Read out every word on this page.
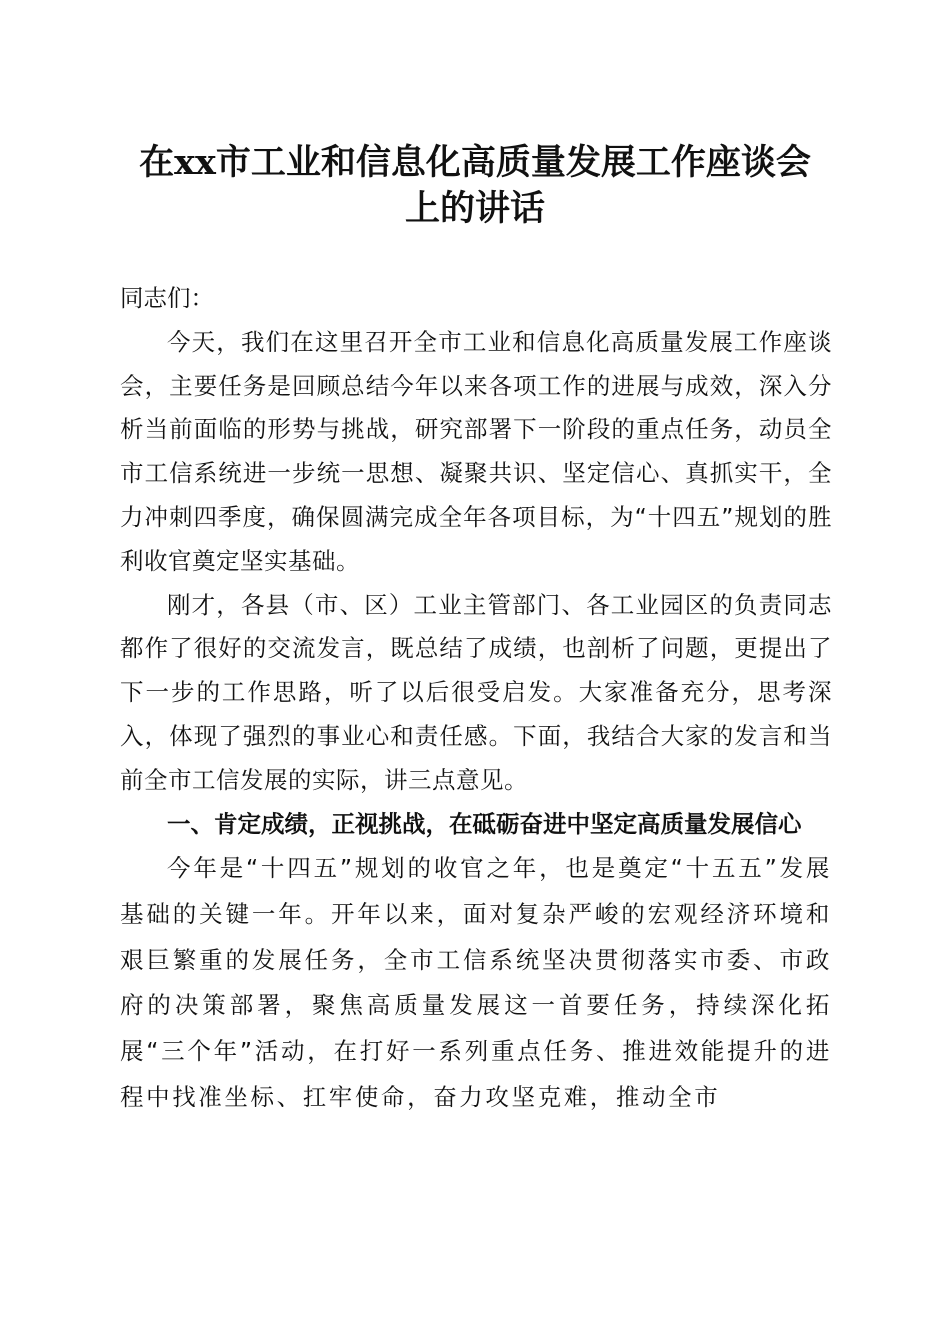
在xx市工业和信息化高质量发展工作座谈会
上的讲话

同志们：

今天，我们在这里召开全市工业和信息化高质量发展工作座谈会，主要任务是回顾总结今年以来各项工作的进展与成效，深入分析当前面临的形势与挑战，研究部署下一阶段的重点任务，动员全市工信系统进一步统一思想、凝聚共识、坚定信心、真抓实干，全力冲刺四季度，确保圆满完成全年各项目标，为“十四五”规划的胜利收官奠定坚实基础。

刚才，各县（市、区）工业主管部门、各工业园区的负责同志都作了很好的交流发言，既总结了成绩，也剖析了问题，更提出了下一步的工作思路，听了以后很受启发。大家准备充分，思考深入，体现了强烈的事业心和责任感。下面，我结合大家的发言和当前全市工信发展的实际，讲三点意见。

一、肯定成绩，正视挑战，在砥砺奋进中坚定高质量发展信心

今年是“十四五”规划的收官之年，也是奠定“十五五”发展基础的关键一年。开年以来，面对复杂严峻的宏观经济环境和艰巨繁重的发展任务，全市工信系统坚决贯彻落实市委、市政府的决策部署，聚焦高质量发展这一首要任务，持续深化拓展“三个年”活动，在打好一系列重点任务、推进效能提升的进程中找准坐标、扛牢使命，奋力攻坚克难，推动全市
